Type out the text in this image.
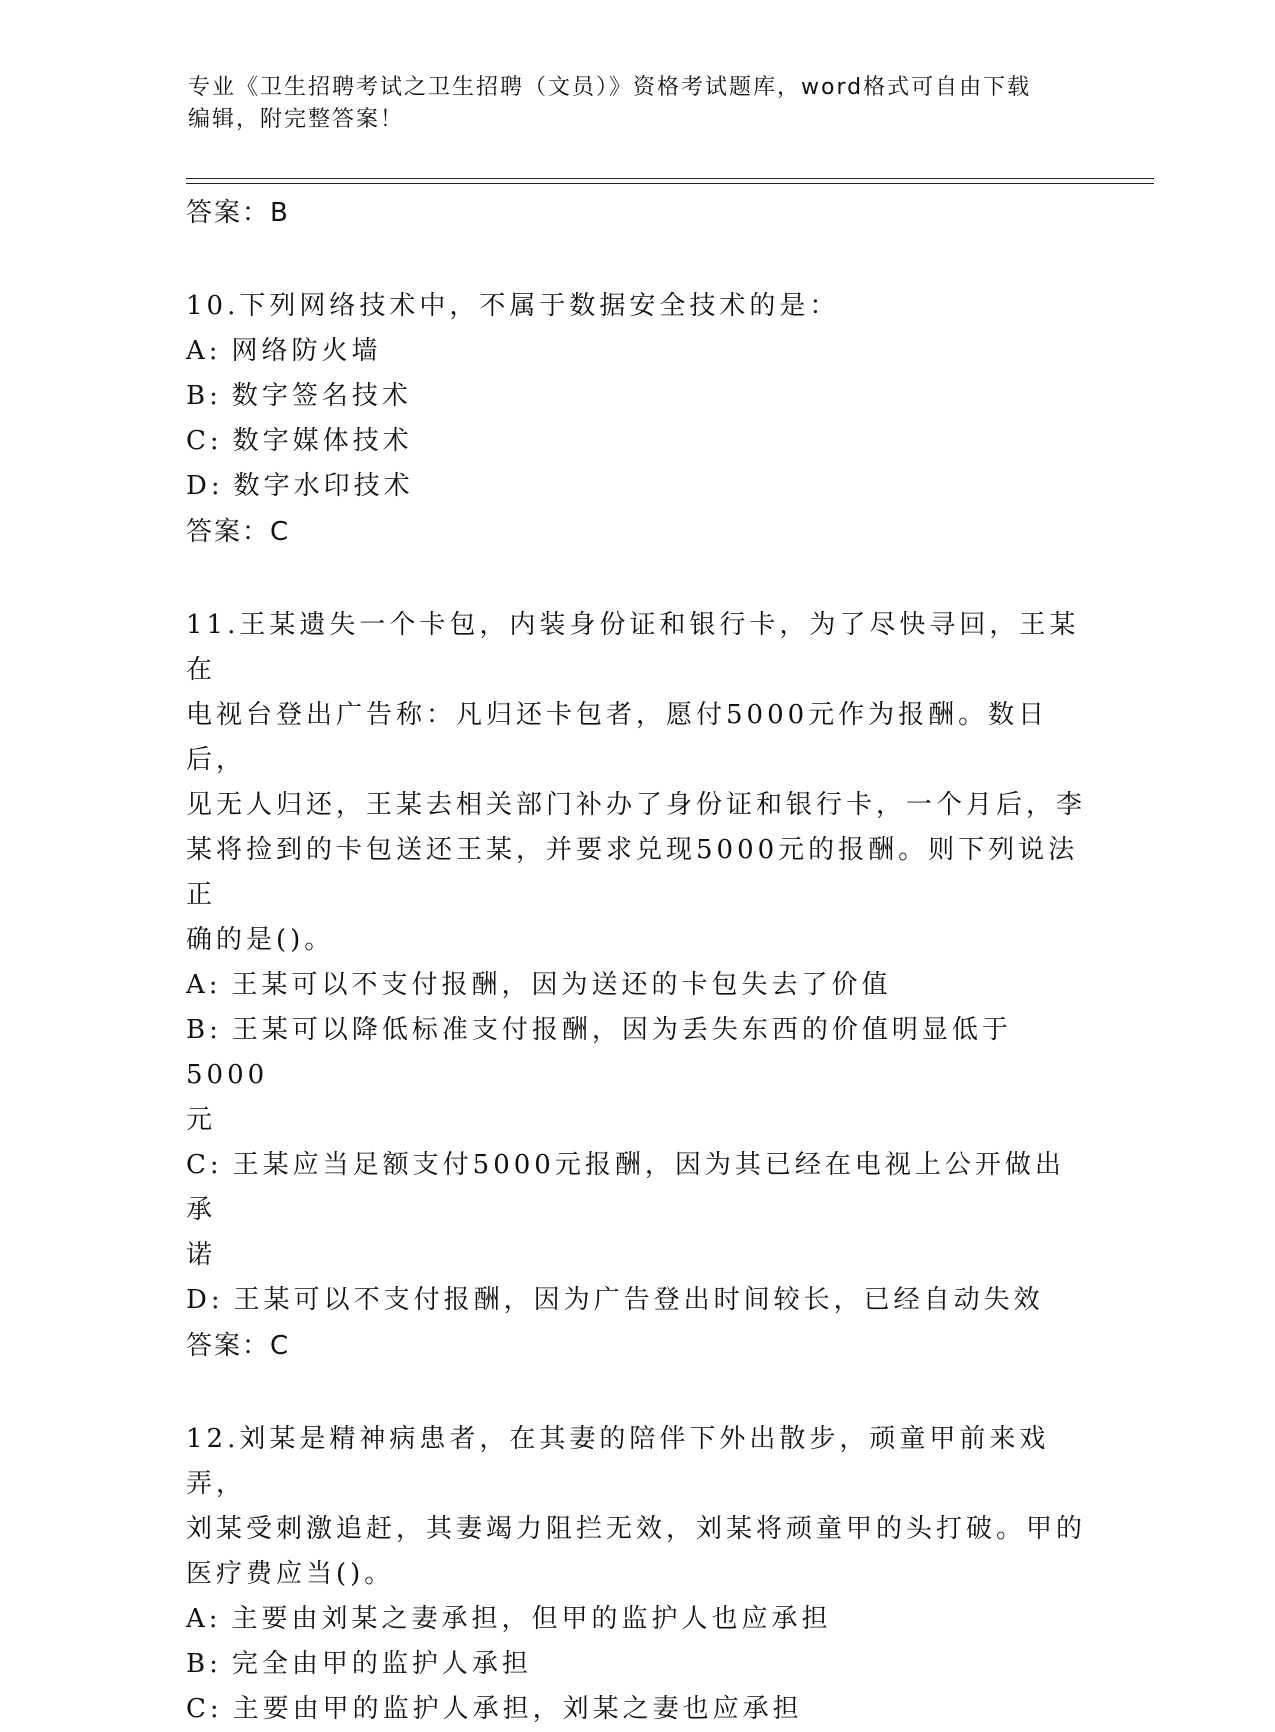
专业《卫生招聘考试之卫生招聘（文员）》资格考试题库，word格式可自由下载
编辑，附完整答案！
答案：B
10.下列网络技术中，不属于数据安全技术的是：
A: 网络防火墙
B: 数字签名技术
C: 数字媒体技术
D: 数字水印技术
答案：C
11.王某遗失一个卡包，内装身份证和银行卡，为了尽快寻回，王某在
电视台登出广告称：凡归还卡包者，愿付5000元作为报酬。数日后，
见无人归还，王某去相关部门补办了身份证和银行卡，一个月后，李
某将捡到的卡包送还王某，并要求兑现5000元的报酬。则下列说法正
确的是()。
A: 王某可以不支付报酬，因为送还的卡包失去了价值
B: 王某可以降低标准支付报酬，因为丢失东西的价值明显低于5000
元
C: 王某应当足额支付5000元报酬，因为其已经在电视上公开做出承
诺
D: 王某可以不支付报酬，因为广告登出时间较长，已经自动失效
答案：C
12.刘某是精神病患者，在其妻的陪伴下外出散步，顽童甲前来戏弄，
刘某受刺激追赶，其妻竭力阻拦无效，刘某将顽童甲的头打破。甲的
医疗费应当()。
A: 主要由刘某之妻承担，但甲的监护人也应承担
B: 完全由甲的监护人承担
C: 主要由甲的监护人承担，刘某之妻也应承担
